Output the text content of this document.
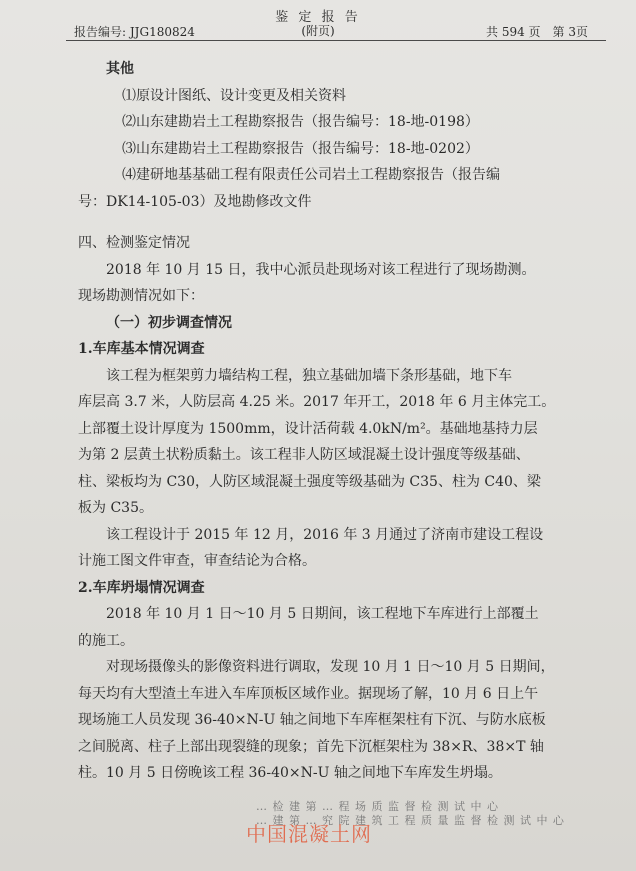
鉴 定 报 告
(附页)
报告编号: JJG180824	共 594 页　第 3页
其他
⑴原设计图纸、设计变更及相关资料
⑵山东建勘岩土工程勘察报告（报告编号：18-地-0198）
⑶山东建勘岩土工程勘察报告（报告编号：18-地-0202）
⑷建研地基基础工程有限责任公司岩土工程勘察报告（报告编
号：DK14-105-03）及地勘修改文件
四、检测鉴定情况
2018 年 10 月 15 日，我中心派员赴现场对该工程进行了现场勘测。
现场勘测情况如下：
（一）初步调查情况
1.车库基本情况调查
该工程为框架剪力墙结构工程，独立基础加墙下条形基础，地下车
库层高 3.7 米，人防层高 4.25 米。2017 年开工，2018 年 6 月主体完工。
上部覆土设计厚度为 1500mm，设计活荷载 4.0kN/m²。基础地基持力层
为第 2 层黄土状粉质黏土。该工程非人防区域混凝土设计强度等级基础、
柱、梁板均为 C30，人防区域混凝土强度等级基础为 C35、柱为 C40、梁
板为 C35。
该工程设计于 2015 年 12 月，2016 年 3 月通过了济南市建设工程设
计施工图文件审查，审查结论为合格。
2.车库坍塌情况调查
2018 年 10 月 1 日～10 月 5 日期间，该工程地下车库进行上部覆土
的施工。
对现场摄像头的影像资料进行调取，发现 10 月 1 日～10 月 5 日期间，
每天均有大型渣土车进入车库顶板区域作业。据现场了解，10 月 6 日上午
现场施工人员发现 36-40×N-U 轴之间地下车库框架柱有下沉、与防水底板
之间脱离、柱子上部出现裂缝的现象；首先下沉框架柱为 38×R、38×T 轴
柱。10 月 5 日傍晚该工程 36-40×N-U 轴之间地下车库发生坍塌。
… 检 建 第 … 程 场 质 监 督 检 测 试 中 心
… 建 第 … 究 院 建 筑 工 程 质 量 监 督 检 测 试 中 心
中国混凝土网
